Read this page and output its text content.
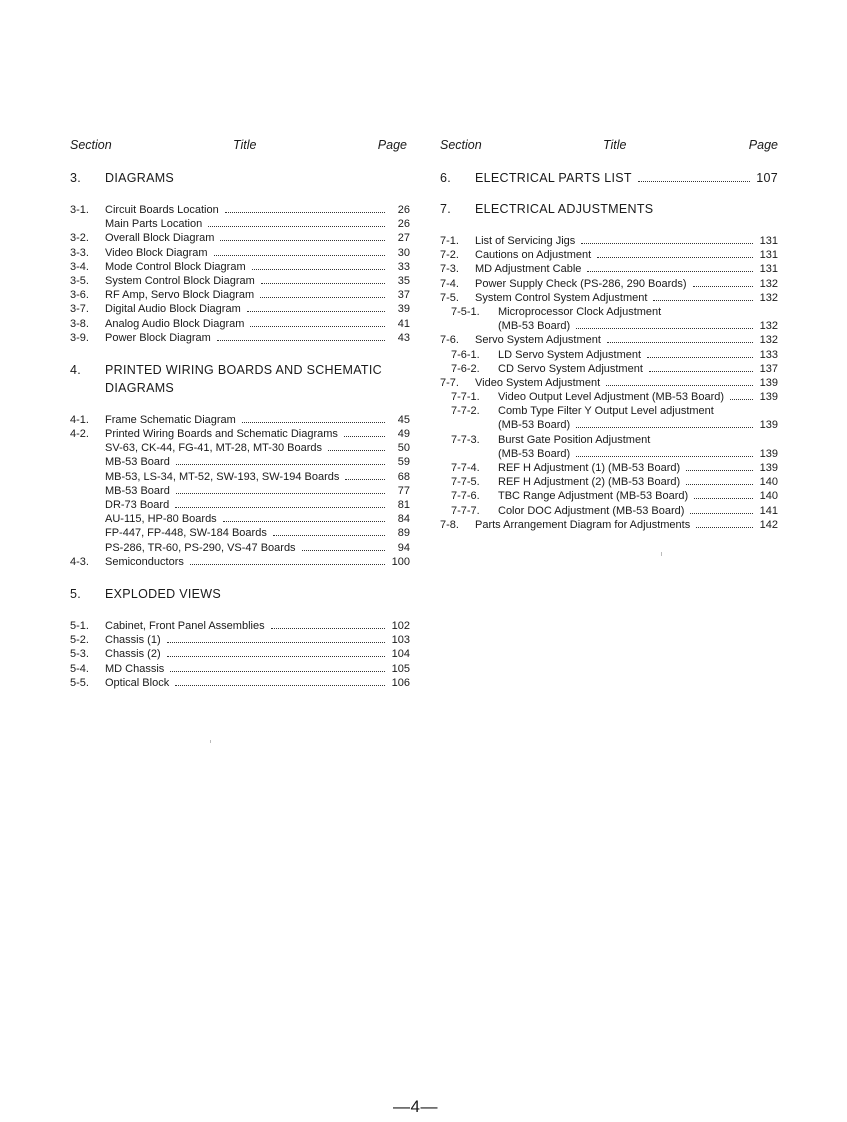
Section	Title	Page
3. DIAGRAMS
3-1.	Circuit Boards Location	26
Main Parts Location	26
3-2.	Overall Block Diagram	27
3-3.	Video Block Diagram	30
3-4.	Mode Control Block Diagram	33
3-5.	System Control Block Diagram	35
3-6.	RF Amp, Servo Block Diagram	37
3-7.	Digital Audio Block Diagram	39
3-8.	Analog Audio Block Diagram	41
3-9.	Power Block Diagram	43
4. PRINTED WIRING BOARDS AND SCHEMATIC
DIAGRAMS
4-1.	Frame Schematic Diagram	45
4-2.	Printed Wiring Boards and Schematic Diagrams	49
SV-63, CK-44, FG-41, MT-28, MT-30 Boards	50
MB-53 Board	59
MB-53, LS-34, MT-52, SW-193, SW-194 Boards	68
MB-53 Board	77
DR-73 Board	81
AU-115, HP-80 Boards	84
FP-447, FP-448, SW-184 Boards	89
PS-286, TR-60, PS-290, VS-47 Boards	94
4-3.	Semiconductors	100
5. EXPLODED VIEWS
5-1.	Cabinet, Front Panel Assemblies	102
5-2.	Chassis (1)	103
5-3.	Chassis (2)	104
5-4.	MD Chassis	105
5-5.	Optical Block	106
Section	Title	Page
6.	ELECTRICAL PARTS LIST	107
7. ELECTRICAL ADJUSTMENTS
7-1.	List of Servicing Jigs	131
7-2.	Cautions on Adjustment	131
7-3.	MD Adjustment Cable	131
7-4.	Power Supply Check (PS-286, 290 Boards)	132
7-5.	System Control System Adjustment	132
7-5-1.	Microprocessor Clock Adjustment
(MB-53 Board)	132
7-6.	Servo System Adjustment	132
7-6-1.	LD Servo System Adjustment	133
7-6-2.	CD Servo System Adjustment	137
7-7.	Video System Adjustment	139
7-7-1.	Video Output Level Adjustment (MB-53 Board)	139
7-7-2.	Comb Type Filter Y Output Level adjustment
(MB-53 Board)	139
7-7-3.	Burst Gate Position Adjustment
(MB-53 Board)	139
7-7-4.	REF H Adjustment (1) (MB-53 Board)	139
7-7-5.	REF H Adjustment (2) (MB-53 Board)	140
7-7-6.	TBC Range Adjustment (MB-53 Board)	140
7-7-7.	Color DOC Adjustment (MB-53 Board)	141
7-8.	Parts Arrangement Diagram for Adjustments	142
—4—
